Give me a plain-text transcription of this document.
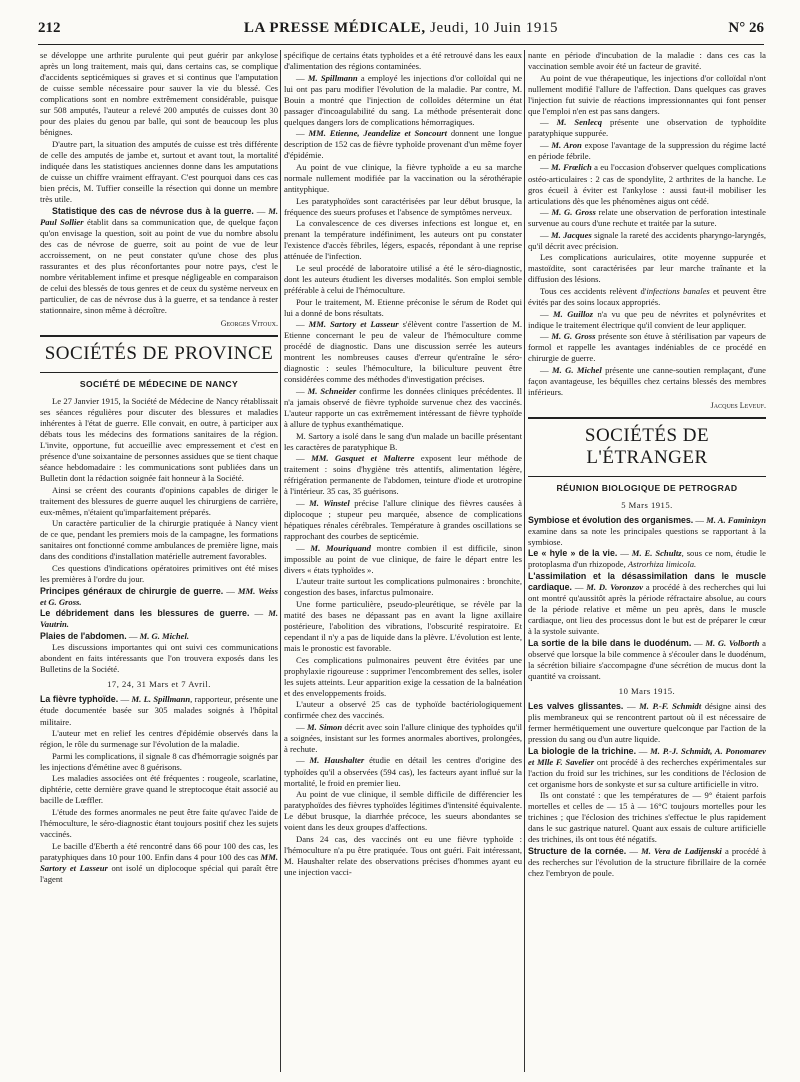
212	LA PRESSE MÉDICALE, Jeudi, 10 Juin 1915	N° 26

se développe une arthrite purulente qui peut guérir par ankylose après un long traitement, mais qui, dans certains cas, se complique d'accidents septicémiques si graves et si continus que l'amputation de cuisse semble nécessaire pour sauver la vie du blessé. Ces complications sont en nombre extrêmement considérable, puisque sur 508 amputés, l'auteur a relevé 200 amputés de cuisses dont 30 pour des plaies du genou par balle, qui sont de beaucoup les plus bénignes.

D'autre part, la situation des amputés de cuisse est très différente de celle des amputés de jambe et, surtout et avant tout, la mortalité indiquée dans les statistiques anciennes donne dans les amputations de cuisse un chiffre vraiment effrayant. C'est pourquoi dans ces cas bien précis, M. Tuffier conseille la résection qui donne un membre très utile.

Statistique des cas de névrose dus à la guerre. — M. Paul Sollier établit dans sa communication que, de quelque façon qu'on envisage la question, soit au point de vue du nombre absolu des cas de névrose de guerre, soit au point de vue de leur accroissement, on ne peut constater qu'une chose des plus rassurantes et des plus réconfortantes pour notre pays, c'est le nombre véritablement infime et presque négligeable en comparaison de celui des blessés de tous genres et de ceux du système nerveux en particulier, de cas de névrose dus à la guerre, et sa tendance à rester stationnaire, sinon même à décroître.

Georges Vitoux.

SOCIÉTÉS DE PROVINCE

SOCIÉTÉ DE MÉDECINE DE NANCY

Le 27 Janvier 1915, la Société de Médecine de Nancy rétablissait ses séances régulières pour discuter des blessures et maladies inhérentes à l'état de guerre. Elle convait, en outre, à participer aux débats tous les médecins des formations sanitaires de la région. L'invite, opportune, fut accueillie avec empressement et c'est en présence d'une soixantaine de personnes assidues que se tient chaque séance hebdomadaire : les communications sont publiées dans un Bulletin dont la rédaction soignée fait honneur à la Société.

Ainsi se créent des courants d'opinions capables de diriger le traitement des blessures de guerre auquel les chirurgiens de carrière, eux-mêmes, n'étaient qu'imparfaitement préparés.

Un caractère particulier de la chirurgie pratiquée à Nancy vient de ce que, pendant les premiers mois de la campagne, les formations sanitaires ont fonctionné comme ambulances de première ligne, mais dans des conditions d'installation matérielle autrement favorables.

Ces questions d'indications opératoires primitives ont été mises les premières à l'ordre du jour.

Principes généraux de chirurgie de guerre. — MM. Weiss et G. Gross.

Le débridement dans les blessures de guerre. — M. Vautrin.

Plaies de l'abdomen. — M. G. Michel.

Les discussions importantes qui ont suivi ces communications abondent en faits intéressants que l'on trouvera exposés dans les Bulletins de la Société.

17, 24, 31 Mars et 7 Avril.

La fièvre typhoïde. — M. L. Spillmann, rapporteur, présente une étude documentée basée sur 305 malades soignés à l'hôpital militaire.

L'auteur met en relief les centres d'épidémie observés dans la région, le rôle du surmenage sur l'évolution de la maladie.

Parmi les complications, il signale 8 cas d'hémorragie soignés par les injections d'émétine avec 8 guérisons.

Les maladies associées ont été fréquentes : rougeole, scarlatine, diphtérie, cette dernière grave quand le streptocoque était associé au bacille de Lœffler.

L'étude des formes anormales ne peut être faite qu'avec l'aide de l'hémoculture, le séro-diagnostic étant toujours positif chez les sujets vaccinés.

Le bacille d'Eberth a été rencontré dans 66 pour 100 des cas, les paratyphiques dans 10 pour 100. Enfin dans 4 pour 100 des cas MM. Sartory et Lasseur ont isolé un diplocoque spécial qui paraît être l'agent

spécifique de certains états typhoïdes et a été retrouvé dans les eaux d'alimentation des régions contaminées.

— M. Spillmann a employé les injections d'or colloïdal qui ne lui ont pas paru modifier l'évolution de la maladie. Par contre, M. Bouin a montré que l'injection de colloïdes détermine un état passager d'incoagulabilité du sang. La méthode présenterait donc quelques dangers lors de complications hémorragiques.

— MM. Etienne, Jeandelize et Soncourt donnent une longue description de 152 cas de fièvre typhoïde provenant d'un même foyer d'épidémie.

Au point de vue clinique, la fièvre typhoïde a eu sa marche normale nullement modifiée par la vaccination ou la sérothérapie antityphique.

Les paratyphoïdes sont caractérisées par leur début brusque, la fréquence des sueurs profuses et l'absence de symptômes nerveux.

La convalescence de ces diverses infections est longue et, en prenant la température indéfiniment, les auteurs ont pu constater l'existence d'accès fébriles, légers, espacés, répondant à une reprise atténuée de l'infection.

Le seul procédé de laboratoire utilisé a été le séro-diagnostic, dont les auteurs étudient les diverses modalités. Son emploi semble préférable à celui de l'hémoculture.

Pour le traitement, M. Etienne préconise le sérum de Rodet qui lui a donné de bons résultats.

— MM. Sartory et Lasseur s'élèvent contre l'assertion de M. Etienne concernant le peu de valeur de l'hémoculture comme procédé de diagnostic. Dans une discussion serrée les auteurs montrent les nombreuses causes d'erreur qu'entraîne le séro-diagnostic : seules l'hémoculture, la biliculture peuvent être considérées comme des méthodes d'investigation précises.

— M. Schneider confirme les données cliniques précédentes. Il n'a jamais observé de fièvre typhoïde survenue chez des vaccinés. L'auteur rapporte un cas extrêmement intéressant de fièvre typhoïde à allure de typhus exanthématique.

M. Sartory a isolé dans le sang d'un malade un bacille présentant les caractères de paratyphique B.

— MM. Gasquet et Malterre exposent leur méthode de traitement : soins d'hygiène très attentifs, alimentation légère, réfrigération permanente de l'abdomen, teinture d'iode et urotropine à l'intérieur. 35 cas, 35 guérisons.

— M. Winstel précise l'allure clinique des fièvres causées à diplocoque ; stupeur peu marquée, absence de complications hépatiques rénales cérébrales. Température à grandes oscillations se rapprochant des courbes de septicémie.

— M. Mouriquand montre combien il est difficile, sinon impossible au point de vue clinique, de faire le départ entre les divers « états typhoïdes ».

L'auteur traite surtout les complications pulmonaires : bronchite, congestion des bases, infarctus pulmonaire.

Une forme particulière, pseudo-pleurétique, se révèle par la matité des bases ne dépassant pas en avant la ligne axillaire postérieure, l'abolition des vibrations, l'obscurité respiratoire. Et cependant il n'y a pas de liquide dans la plèvre. L'évolution est lente, mais le pronostic est favorable.

Ces complications pulmonaires peuvent être évitées par une prophylaxie rigoureuse : supprimer l'encombrement des selles, isoler les sujets atteints. Leur apparition exige la cessation de la balnéation et des enveloppements froids.

L'auteur a observé 25 cas de typhoïde bactériologiquement confirmée chez des vaccinés.

— M. Simon décrit avec soin l'allure clinique des typhoïdes qu'il a soignées, insistant sur les formes anormales abortives, prolongées, à rechute.

— M. Haushalter étudie en détail les centres d'origine des typhoïdes qu'il a observées (594 cas), les facteurs ayant influé sur la mortalité, le froid en premier lieu.

Au point de vue clinique, il semble difficile de différencier les paratyphoïdes des fièvres typhoïdes légitimes d'intensité équivalente. Le début brusque, la diarrhée précoce, les sueurs abondantes se voient dans les deux groupes d'affections.

Dans 24 cas, des vaccinés ont eu une fièvre typhoïde : l'hémoculture n'a pu être pratiquée. Tous ont guéri. Fait intéressant, M. Haushalter relate des observations précises d'hommes ayant eu une injection vacci-

nante en période d'incubation de la maladie : dans ces cas la vaccination semble avoir été un facteur de gravité.

Au point de vue thérapeutique, les injections d'or colloïdal n'ont nullement modifié l'allure de l'affection. Dans quelques cas graves l'injection fut suivie de réactions impressionnantes qui font penser que l'emploi n'en est pas sans dangers.

— M. Senlecq présente une observation de typhoïdite paratyphique suppurée.

— M. Aron expose l'avantage de la suppression du régime lacté en période fébrile.

— M. Frœlich a eu l'occasion d'observer quelques complications ostéo-articulaires : 2 cas de spondylite, 2 arthrites de la hanche. Le gros écueil à éviter est l'ankylose : aussi faut-il mobiliser les articulations dès que les phénomènes aigus ont cédé.

— M. G. Gross relate une observation de perforation intestinale survenue au cours d'une rechute et traitée par la suture.

— M. Jacques signale la rareté des accidents pharyngo-laryngés, qu'il décrit avec précision.

Les complications auriculaires, otite moyenne suppurée et mastoïdite, sont caractérisées par leur marche traînante et la diffusion des lésions.

Tous ces accidents relèvent d'infections banales et peuvent être évités par des soins locaux appropriés.

— M. Guilloz n'a vu que peu de névrites et polynévrites et indique le traitement électrique qu'il convient de leur appliquer.

— M. G. Gross présente son étuve à stérilisation par vapeurs de formol et rappelle les avantages indéniables de ce procédé en chirurgie de guerre.

— M. G. Michel présente une canne-soutien remplaçant, d'une façon avantageuse, les béquilles chez certains blessés des membres inférieurs.

Jacques Leveuf.

SOCIÉTÉS DE L'ÉTRANGER

RÉUNION BIOLOGIQUE DE PETROGRAD

5 Mars 1915.

Symbiose et évolution des organismes. — M. A. Faminizyn examine dans sa note les principales questions se rapportant à la symbiose.

Le « hyle » de la vie. — M. E. Schultz, sous ce nom, étudie le protoplasma d'un rhizopode, Astrorhiza limicola.

L'assimilation et la désassimilation dans le muscle cardiaque. — M. D. Voronzov a procédé à des recherches qui lui ont montré qu'aussitôt après la période réfractaire absolue, au cours de la période relative et même un peu après, dans le muscle cardiaque, ont lieu des processus dont le but est de préparer le cœur à la systole suivante.

La sortie de la bile dans le duodénum. — M. G. Volborth a observé que lorsque la bile commence à s'écouler dans le duodénum, la sécrétion biliaire s'accompagne d'une sécrétion de mucus dont la quantité va croissant.

10 Mars 1915.

Les valves glissantes. — M. P.-F. Schmidt désigne ainsi des plis membraneux qui se rencontrent partout où il est nécessaire de fermer hermétiquement une ouverture quelconque par l'action de la pression du sang ou d'un autre liquide.

La biologie de la trichine. — M. P.-J. Schmidt, A. Ponomarev et Mlle F. Savelier ont procédé à des recherches expérimentales sur l'action du froid sur les trichines, sur les conditions de l'éclosion de cet organisme hors de sonkyste et sur sa culture artificielle in vitro.

Ils ont constaté : que les températures de — 9° étaient parfois mortelles et celles de — 15 à — 16°C toujours mortelles pour les trichines ; que l'éclosion des trichines s'effectue le plus rapidement dans le suc gastrique naturel. Quant aux essais de culture artificielle des trichines, ils ont tous été négatifs.

Structure de la cornée. — M. Vera de Ladijenski a procédé à des recherches sur l'évolution de la structure fibrillaire de la cornée chez l'embryon de poule.
